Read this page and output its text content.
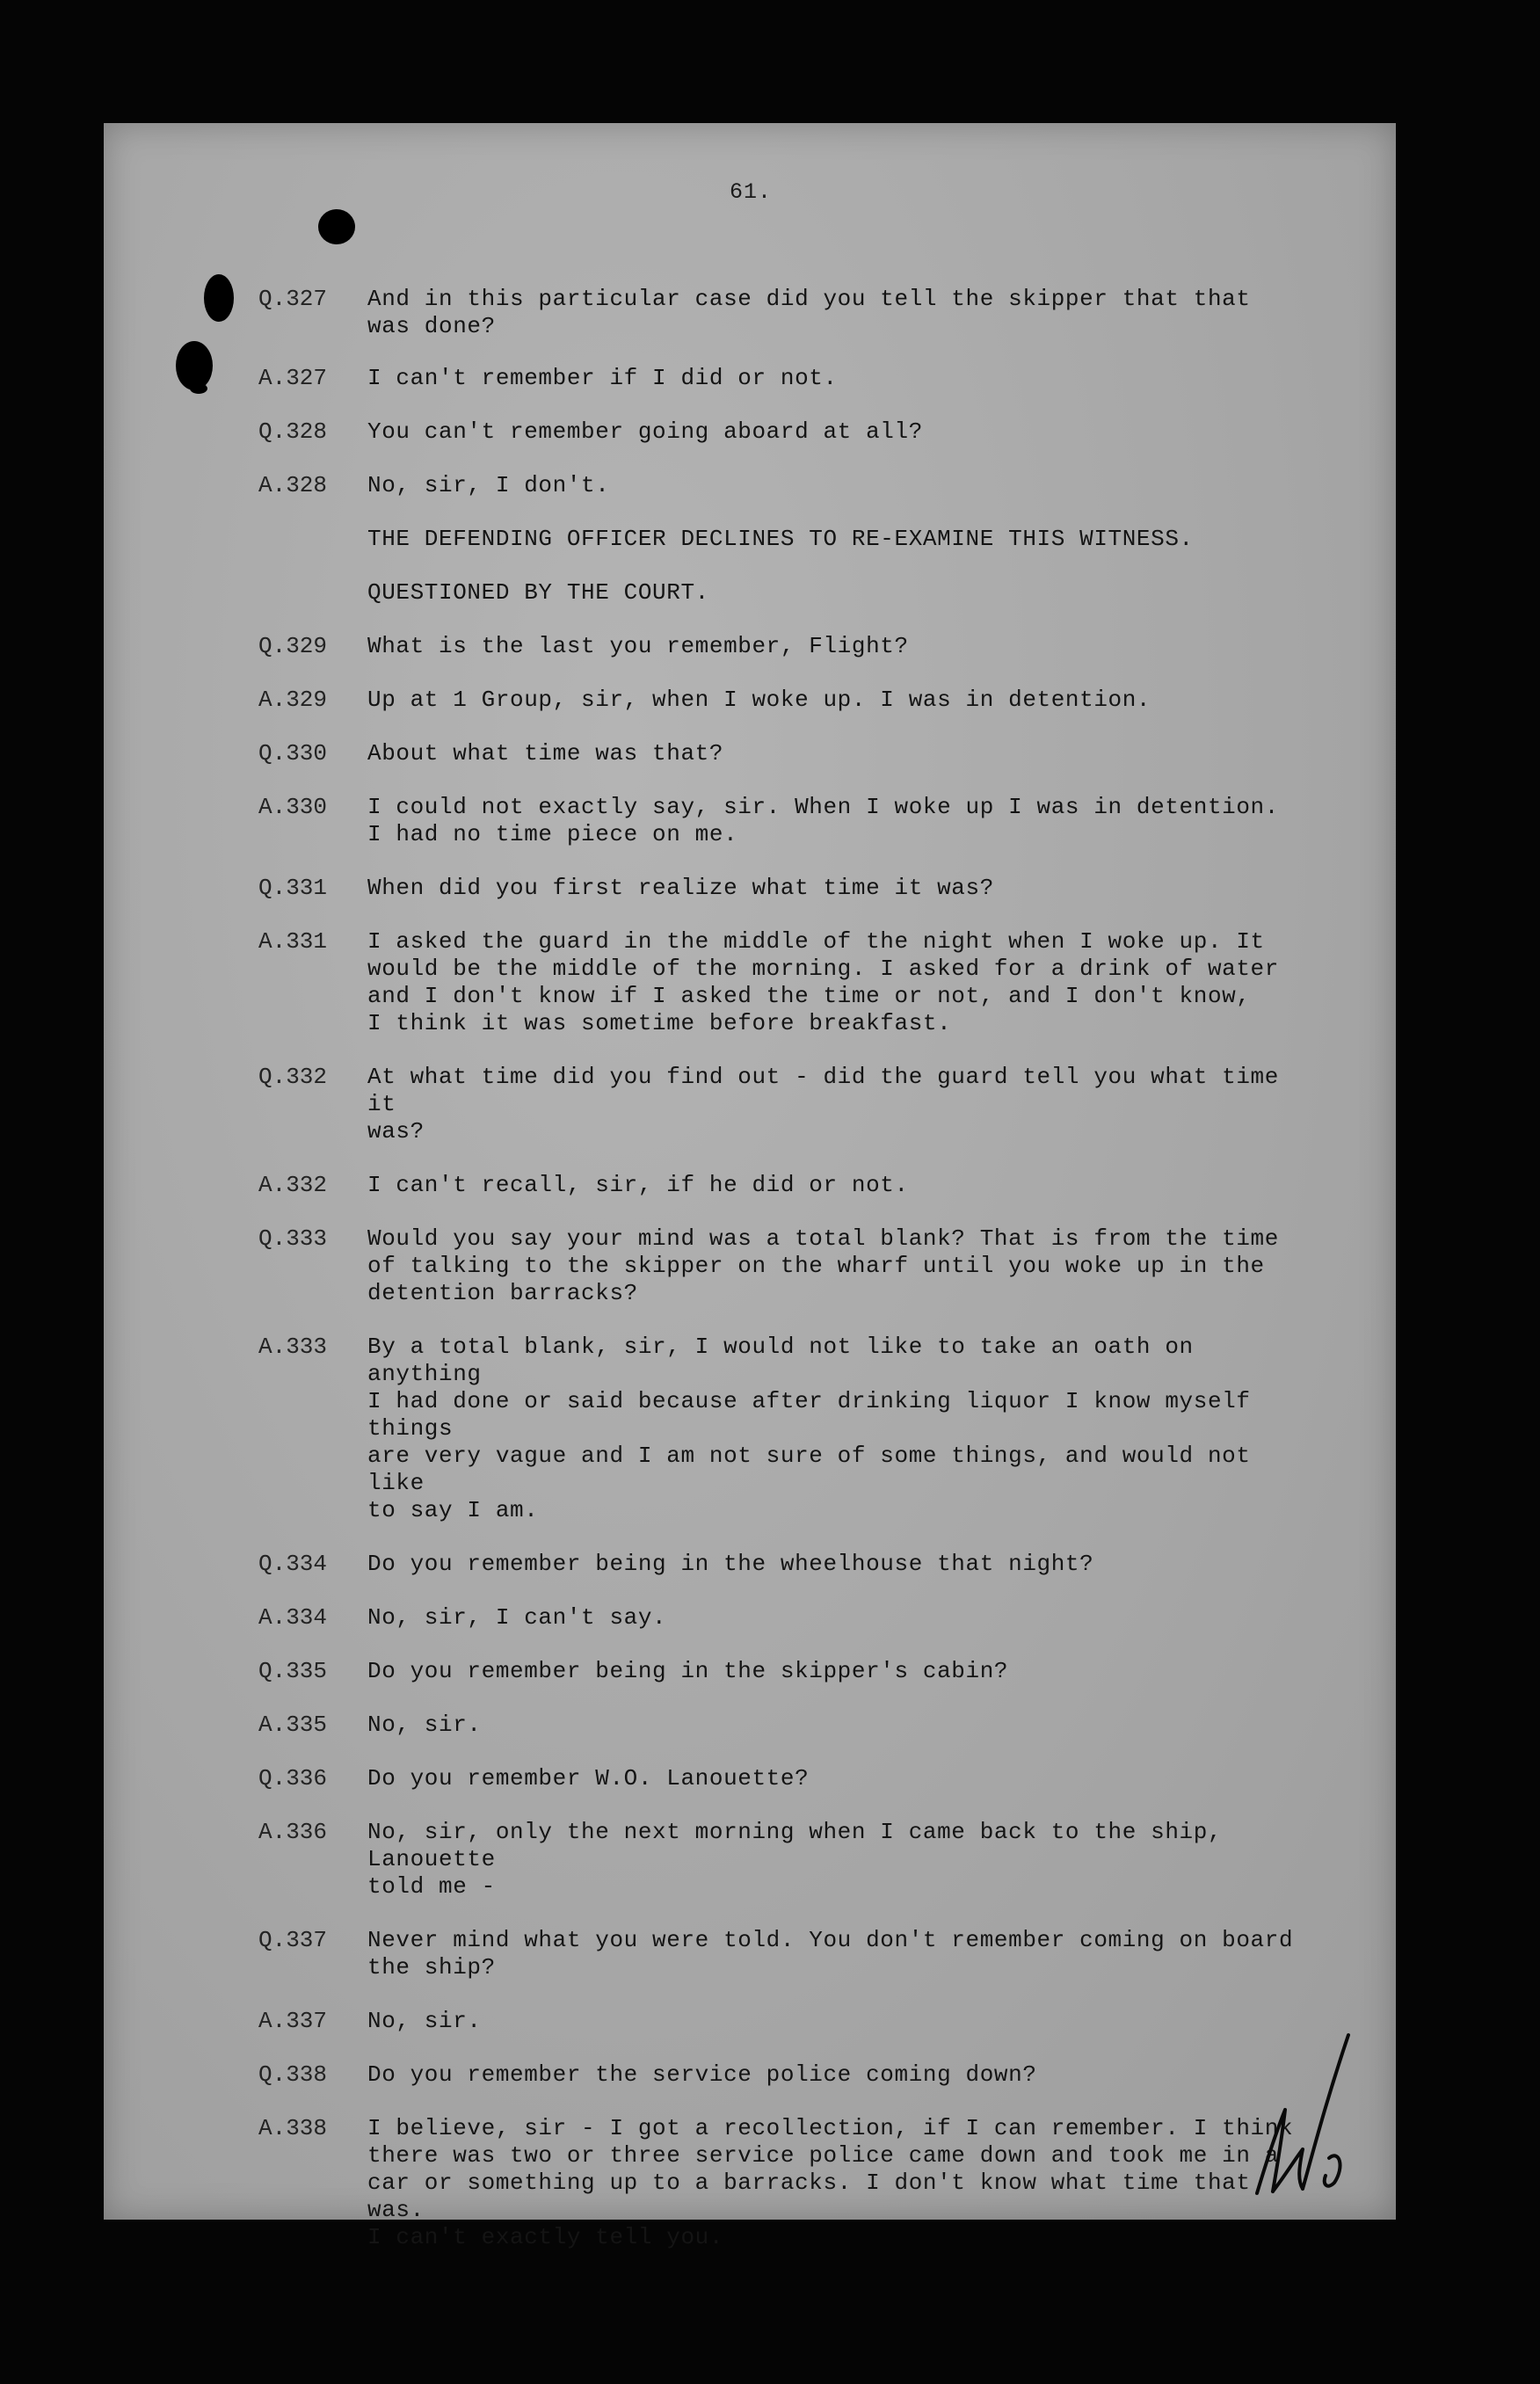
61.
Q.327	And in this particular case did you tell the skipper that that
was done?
A.327	I can't remember if I did or not.
Q.328	You can't remember going aboard at all?
A.328	No, sir, I don't.
THE DEFENDING OFFICER DECLINES TO RE-EXAMINE THIS WITNESS.
QUESTIONED BY THE COURT.
Q.329	What is the last you remember, Flight?
A.329	Up at 1 Group, sir, when I woke up. I was in detention.
Q.330	About what time was that?
A.330	I could not exactly say, sir. When I woke up I was in detention.
I had no time piece on me.
Q.331	When did you first realize what time it was?
A.331	I asked the guard in the middle of the night when I woke up. It
would be the middle of the morning. I asked for a drink of water
and I don't know if I asked the time or not, and I don't know,
I think it was sometime before breakfast.
Q.332	At what time did you find out - did the guard tell you what time it
was?
A.332	I can't recall, sir, if he did or not.
Q.333	Would you say your mind was a total blank? That is from the time
of talking to the skipper on the wharf until you woke up in the
detention barracks?
A.333	By a total blank, sir, I would not like to take an oath on anything
I had done or said because after drinking liquor I know myself things
are very vague and I am not sure of some things, and would not like
to say I am.
Q.334	Do you remember being in the wheelhouse that night?
A.334	No, sir, I can't say.
Q.335	Do you remember being in the skipper's cabin?
A.335	No, sir.
Q.336	Do you remember W.O. Lanouette?
A.336	No, sir, only the next morning when I came back to the ship, Lanouette
told me -
Q.337	Never mind what you were told. You don't remember coming on board
the ship?
A.337	No, sir.
Q.338	Do you remember the service police coming down?
A.338	I believe, sir - I got a recollection, if I can remember. I think
there was two or three service police came down and took me in a
car or something up to a barracks. I don't know what time that was.
I can't exactly tell you.
